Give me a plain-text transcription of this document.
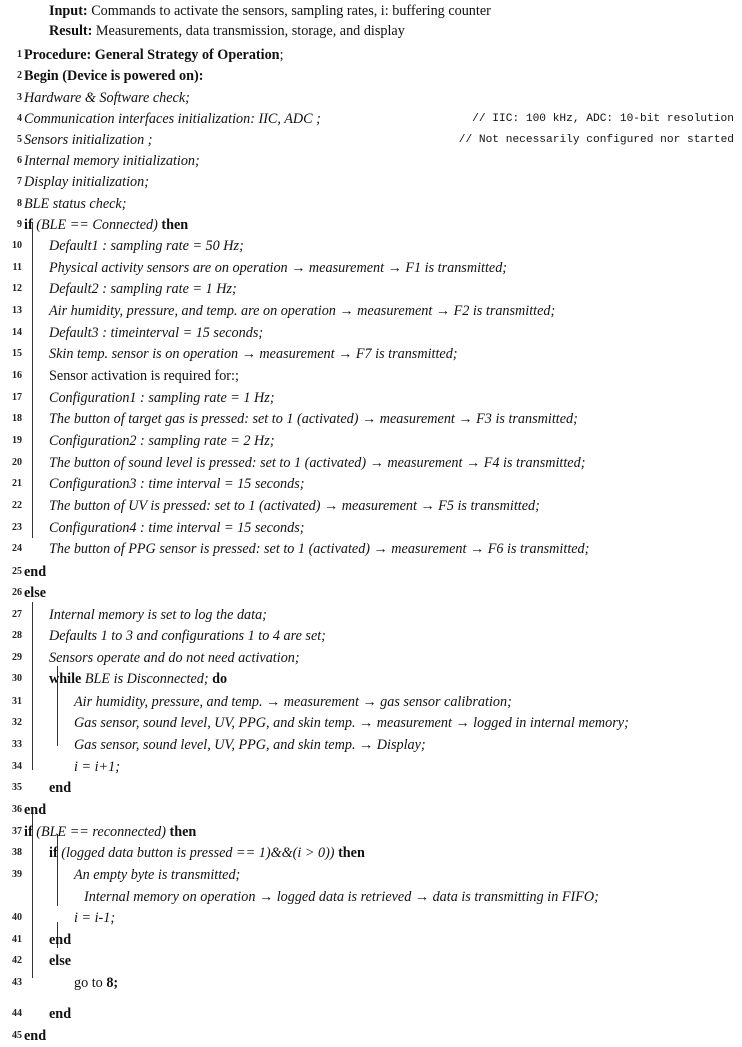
Input: Commands to activate the sensors, sampling rates, i: buffering counter
Result: Measurements, data transmission, storage, and display
1 Procedure: General Strategy of Operation;
2 Begin (Device is powered on):
3 Hardware & Software check;
4 Communication interfaces initialization: IIC, ADC ;	// IIC: 100 kHz, ADC: 10-bit resolution
5 Sensors initialization ;	// Not necessarily configured nor started
6 Internal memory initialization;
7 Display initialization;
8 BLE status check;
9 if (BLE == Connected) then
10 Default1 : sampling rate = 50 Hz;
11 Physical activity sensors are on operation → measurement → F1 is transmitted;
12 Default2 : sampling rate = 1 Hz;
13 Air humidity, pressure, and temp. are on operation → measurement → F2 is transmitted;
14 Default3 : timeinterval = 15 seconds;
15 Skin temp. sensor is on operation → measurement → F7 is transmitted;
16 Sensor activation is required for:;
17 Configuration1 : sampling rate = 1 Hz;
18 The button of target gas is pressed: set to 1 (activated) → measurement → F3 is transmitted;
19 Configuration2 : sampling rate = 2 Hz;
20 The button of sound level is pressed: set to 1 (activated) → measurement → F4 is transmitted;
21 Configuration3 : time interval = 15 seconds;
22 The button of UV is pressed: set to 1 (activated) → measurement → F5 is transmitted;
23 Configuration4 : time interval = 15 seconds;
24 The button of PPG sensor is pressed: set to 1 (activated) → measurement → F6 is transmitted;
25 end
26 else
27 Internal memory is set to log the data;
28 Defaults 1 to 3 and configurations 1 to 4 are set;
29 Sensors operate and do not need activation;
30 while BLE is Disconnected; do
31	Air humidity, pressure, and temp. → measurement → gas sensor calibration;
32	Gas sensor, sound level, UV, PPG, and skin temp. → measurement → logged in internal memory;
33	Gas sensor, sound level, UV, PPG, and skin temp. → Display;
34	i = i+1;
35 end
36 end
37 if (BLE == reconnected) then
38 if (logged data button is pressed == 1)&&(i > 0)) then
39	An empty byte is transmitted;
Internal memory on operation → logged data is retrieved → data is transmitting in FIFO;
40	i = i-1;
41 end
42 else
43	go to 8;
44 end
45 end
